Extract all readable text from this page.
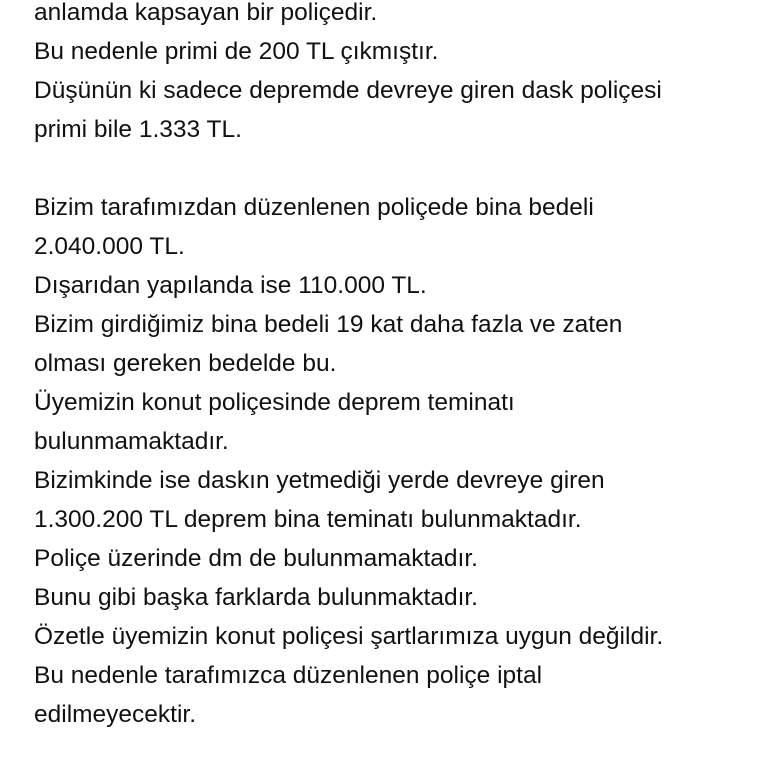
anlamda kapsayan bir poliçedir.
Bu nedenle primi de 200 TL çıkmıştır.
Düşünün ki sadece depremde devreye giren dask poliçesi
primi bile 1.333 TL.
Bizim tarafımızdan düzenlenen poliçede bina bedeli
2.040.000 TL.
Dışarıdan yapılanda ise 110.000 TL.
Bizim girdiğimiz bina bedeli 19 kat daha fazla ve zaten
olması gereken bedelde bu.
Üyemizin konut poliçesinde deprem teminatı
bulunmamaktadır.
Bizimkinde ise daskın yetmediği yerde devreye giren
1.300.200 TL deprem bina teminatı bulunmaktadır.
Poliçe üzerinde dm de bulunmamaktadır.
Bunu gibi başka farklarda bulunmaktadır.
Özetle üyemizin konut poliçesi şartlarımıza uygun değildir.
Bu nedenle tarafımızca düzenlenen poliçe iptal
edilmeyecektir.
